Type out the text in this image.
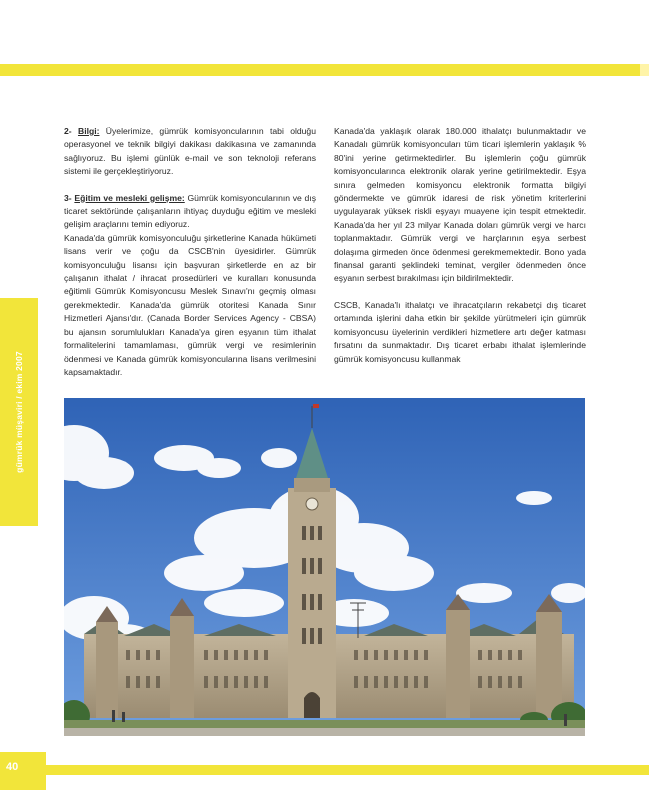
gümrük müşaviri / ekim 2007

2- Bilgi: Üyelerimize, gümrük komisyoncularının tabi olduğu operasyonel ve teknik bilgiyi dakikası dakikasına ve zamanında sağlıyoruz. Bu işlemi günlük e-mail ve son teknoloji referans sistemi ile gerçekleştiriyoruz.

3- Eğitim ve mesleki gelişme: Gümrük komisyoncularının ve dış ticaret sektöründe çalışanların ihtiyaç duyduğu eğitim ve mesleki gelişim araçlarını temin ediyoruz.

Kanada'da gümrük komisyonculuğu şirketlerine Kanada hükümeti lisans verir ve çoğu da CSCB'nin üyesidirler. Gümrük komisyonculuğu lisansı için başvuran şirketlerde en az bir çalışanın ithalat / ihracat prosedürleri ve kuralları konusunda eğitimli Gümrük Komisyoncusu Meslek Sınavı'nı geçmiş olması gerekmektedir. Kanada'da gümrük otoritesi Kanada Sınır Hizmetleri Ajansı'dır. (Canada Border Services Agency - CBSA) bu ajansın sorumlulukları Kanada'ya giren eşyanın tüm ithalat formalitelerini tamamlaması, gümrük vergi ve resimlerinin ödenmesi ve Kanada gümrük komisyoncularına lisans verilmesini kapsamaktadır.

Kanada'da yaklaşık olarak 180.000 ithalatçı bulunmaktadır ve Kanadalı gümrük komisyoncuları tüm ticari işlemlerin yaklaşık % 80'ini yerine getirmektedirler. Bu işlemlerin çoğu gümrük komisyoncularınca elektronik olarak yerine getirilmektedir. Eşya sınıra gelmeden komisyoncu elektronik formatta bilgiyi göndermekte ve gümrük idaresi de risk yönetim kriterlerini uygulayarak yüksek riskli eşyayı muayene için tespit etmektedir. Kanada'da her yıl 23 milyar Kanada doları gümrük vergi ve harcı toplanmaktadır. Gümrük vergi ve harçlarının eşya serbest dolaşıma girmeden önce ödenmesi gerekmemektedir. Bono yada finansal garanti şeklindeki teminat, vergiler ödenmeden önce eşyanın serbest bırakılması için bildirilmektedir.

CSCB, Kanada'lı ithalatçı ve ihracatçıların rekabetçi dış ticaret ortamında işlerini daha etkin bir şekilde yürütmeleri için gümrük komisyoncusu üyelerinin verdikleri hizmetlere artı değer katması fırsatını da sunmaktadır. Dış ticaret erbabı ithalat işlemlerinde gümrük komisyoncusu kullanmak

40
